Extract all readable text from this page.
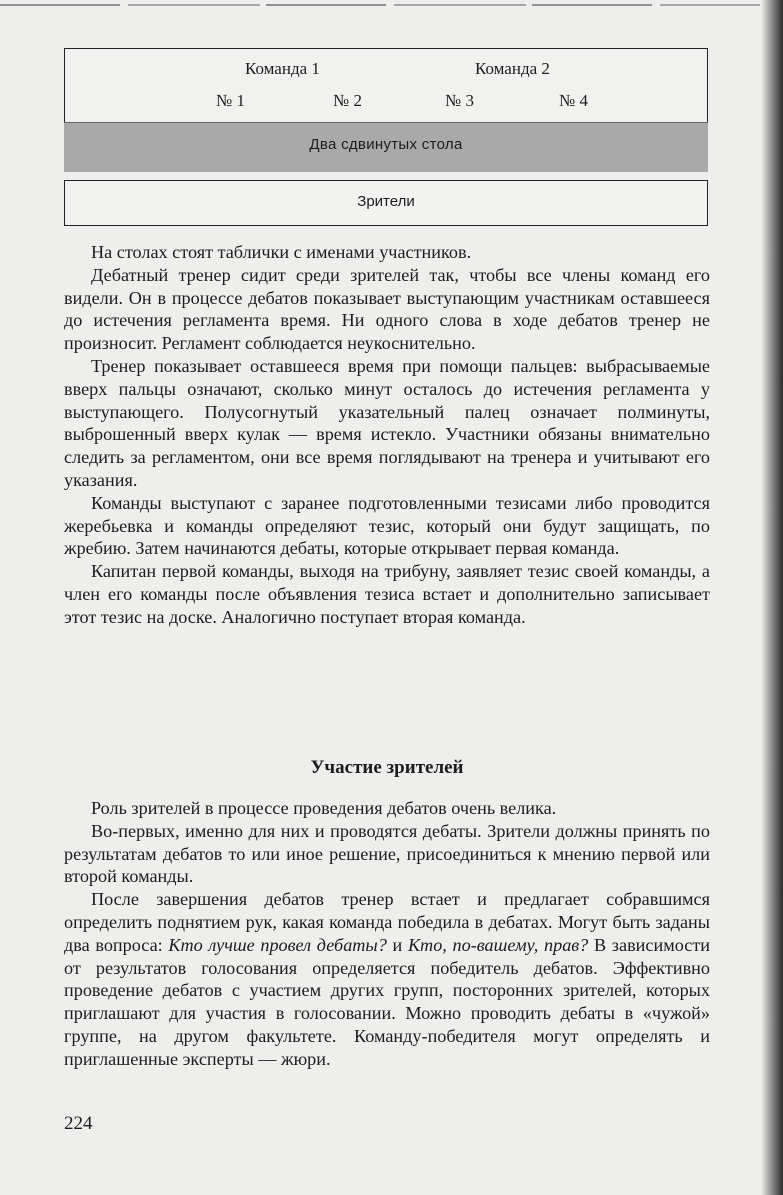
Команда 1	Команда 2
№ 1	№ 2	№ 3	№ 4
Два сдвинутых стола
Зрители

На столах стоят таблички с именами участников.

Дебатный тренер сидит среди зрителей так, чтобы все члены команд его видели. Он в процессе дебатов показывает выступающим участникам оставшееся до истечения регламента время. Ни одного слова в ходе дебатов тренер не произносит. Регламент соблюдается неукоснительно.

Тренер показывает оставшееся время при помощи пальцев: выбрасываемые вверх пальцы означают, сколько минут осталось до истечения регламента у выступающего. Полусогнутый указательный палец означает полминуты, выброшенный вверх кулак — время истекло. Участники обязаны внимательно следить за регламентом, они все время поглядывают на тренера и учитывают его указания.

Команды выступают с заранее подготовленными тезисами либо проводится жеребьевка и команды определяют тезис, который они будут защищать, по жребию. Затем начинаются дебаты, которые открывает первая команда.

Капитан первой команды, выходя на трибуну, заявляет тезис своей команды, а член его команды после объявления тезиса встает и дополнительно записывает этот тезис на доске. Аналогично поступает вторая команда.

Участие зрителей

Роль зрителей в процессе проведения дебатов очень велика.

Во-первых, именно для них и проводятся дебаты. Зрители должны принять по результатам дебатов то или иное решение, присоединиться к мнению первой или второй команды.

После завершения дебатов тренер встает и предлагает собравшимся определить поднятием рук, какая команда победила в дебатах. Могут быть заданы два вопроса: Кто лучше провел дебаты? и Кто, по-вашему, прав? В зависимости от результатов голосования определяется победитель дебатов. Эффективно проведение дебатов с участием других групп, посторонних зрителей, которых приглашают для участия в голосовании. Можно проводить дебаты в «чужой» группе, на другом факультете. Команду-победителя могут определять и приглашенные эксперты — жюри.

224
